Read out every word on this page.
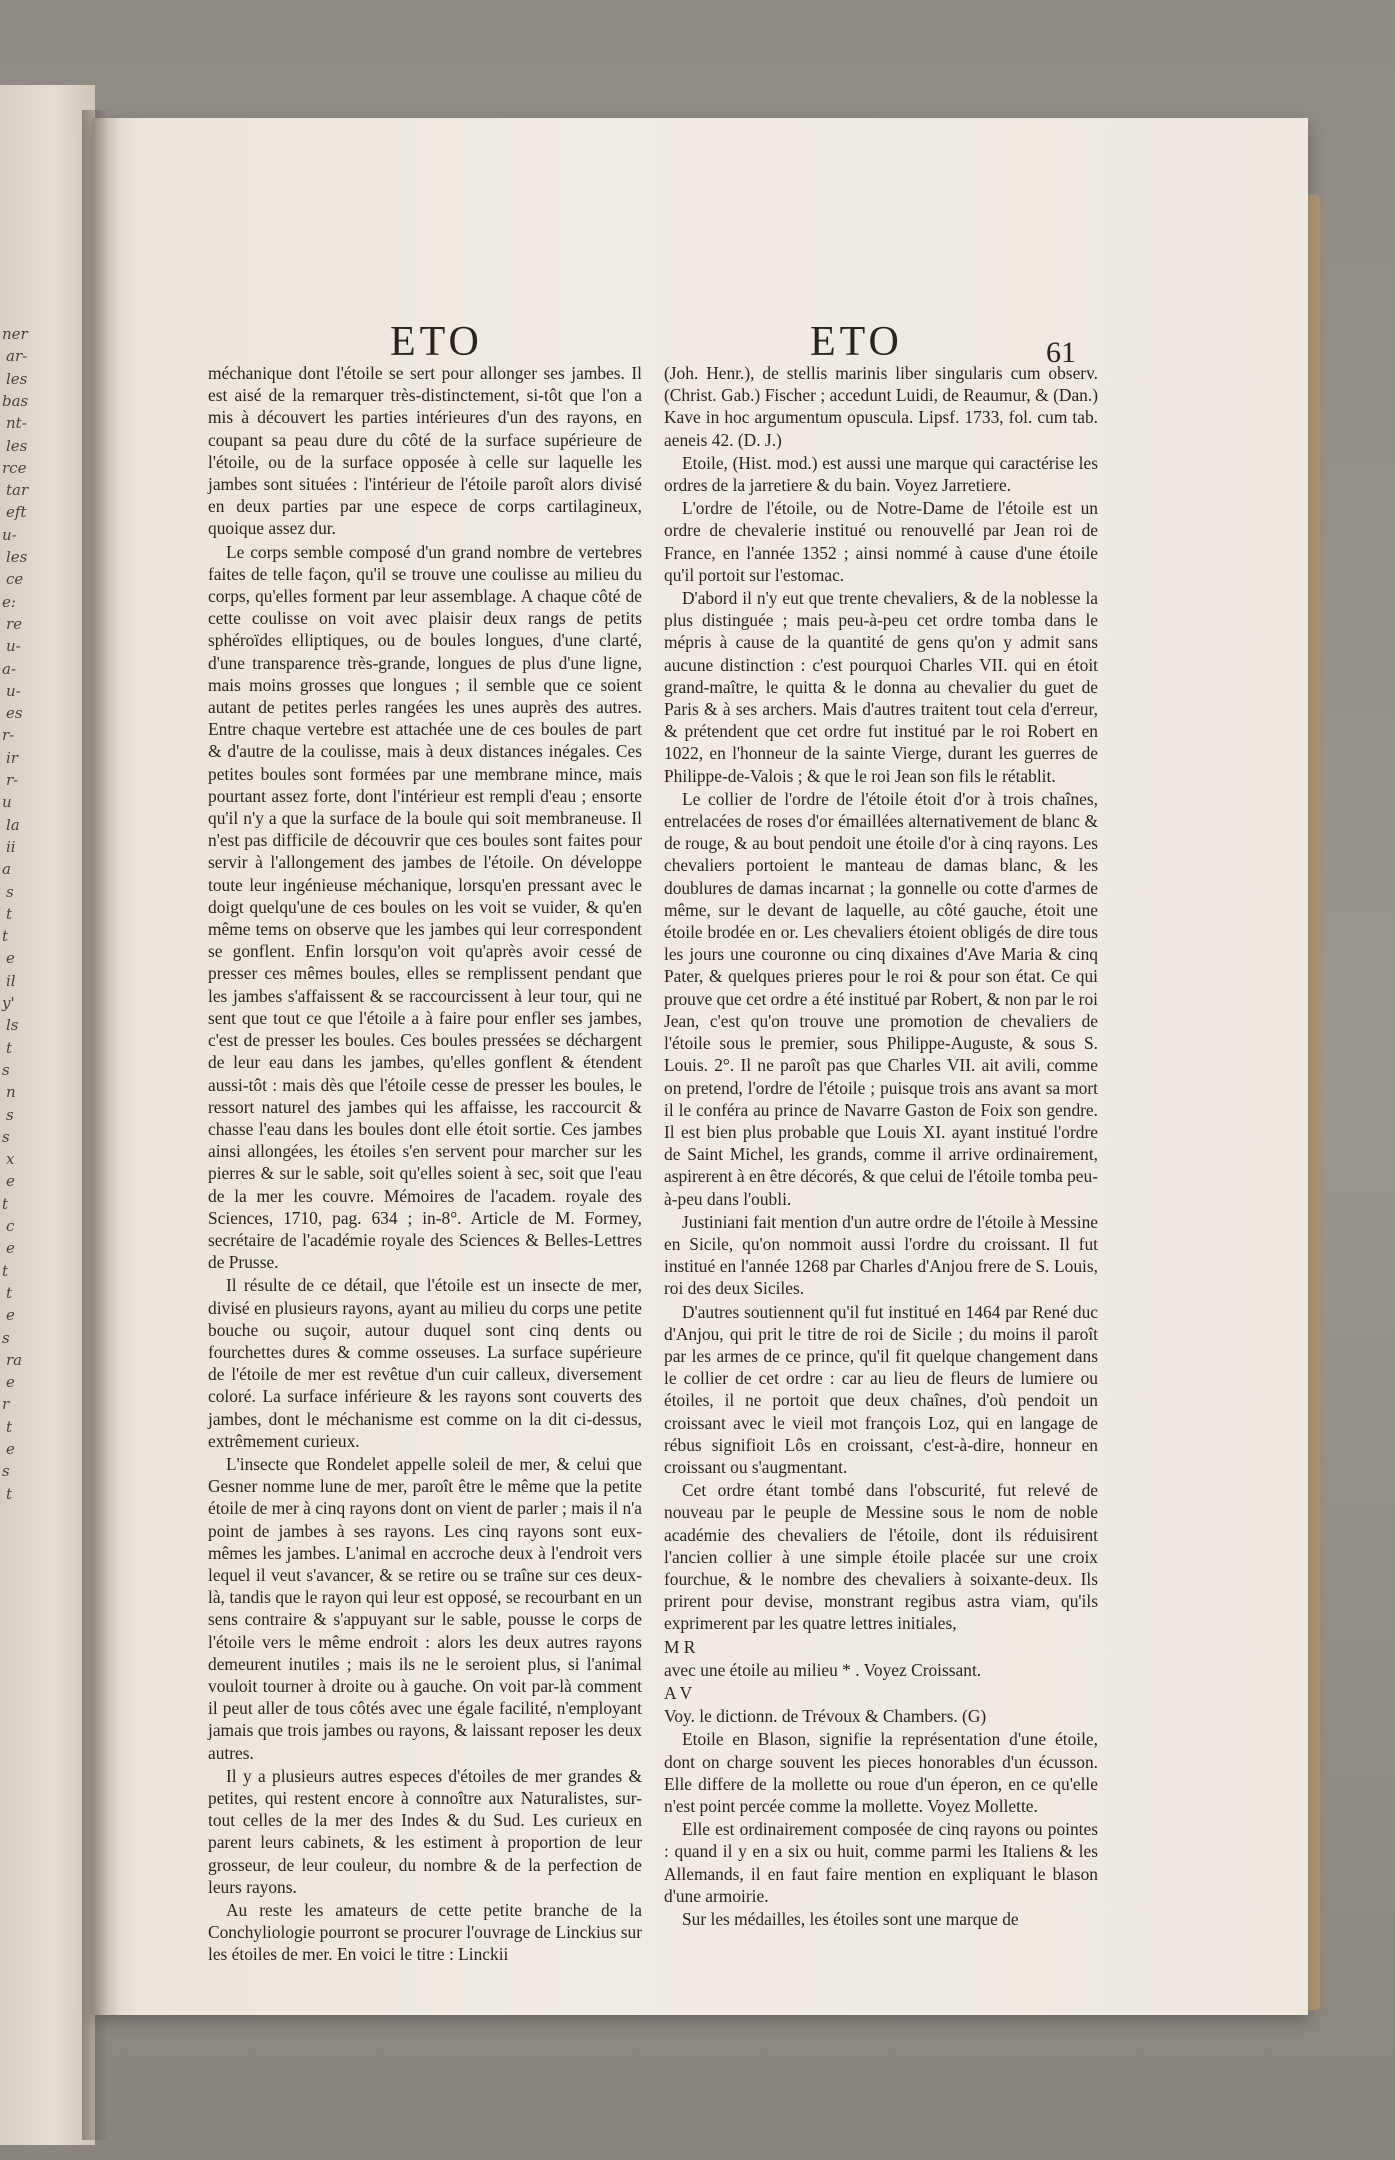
ner
ar-
les
bas
nt-
les
rce
tar
eft
u-
les
ce
e:
re
u-
a-
u-
es
r-
ir
r-
u
la
ii
a
s
t
t
e
il
y'
ls
t
s
n
s
s
x
e
t
c
e
t
t
e
s
ra
e
r
t
e
s
t
ETO	ETO	61

méchanique dont l'étoile se sert pour allonger ses jambes. Il est aisé de la remarquer très-distinctement, si-tôt que l'on a mis à découvert les parties intérieures d'un des rayons, en coupant sa peau dure du côté de la surface supérieure de l'étoile, ou de la surface opposée à celle sur laquelle les jambes sont situées : l'intérieur de l'étoile paroît alors divisé en deux parties par une espece de corps cartilagineux, quoique assez dur.

Le corps semble composé d'un grand nombre de vertebres faites de telle façon, qu'il se trouve une coulisse au milieu du corps, qu'elles forment par leur assemblage. A chaque côté de cette coulisse on voit avec plaisir deux rangs de petits sphéroïdes elliptiques, ou de boules longues, d'une clarté, d'une transparence très-grande, longues de plus d'une ligne, mais moins grosses que longues ; il semble que ce soient autant de petites perles rangées les unes auprès des autres. Entre chaque vertebre est attachée une de ces boules de part & d'autre de la coulisse, mais à deux distances inégales. Ces petites boules sont formées par une membrane mince, mais pourtant assez forte, dont l'intérieur est rempli d'eau ; ensorte qu'il n'y a que la surface de la boule qui soit membraneuse. Il n'est pas difficile de découvrir que ces boules sont faites pour servir à l'allongement des jambes de l'étoile. On développe toute leur ingénieuse méchanique, lorsqu'en pressant avec le doigt quelqu'une de ces boules on les voit se vuider, & qu'en même tems on observe que les jambes qui leur correspondent se gonflent. Enfin lorsqu'on voit qu'après avoir cessé de presser ces mêmes boules, elles se remplissent pendant que les jambes s'affaissent & se raccourcissent à leur tour, qui ne sent que tout ce que l'étoile a à faire pour enfler ses jambes, c'est de presser les boules. Ces boules pressées se déchargent de leur eau dans les jambes, qu'elles gonflent & étendent aussi-tôt : mais dès que l'étoile cesse de presser les boules, le ressort naturel des jambes qui les affaisse, les raccourcit & chasse l'eau dans les boules dont elle étoit sortie. Ces jambes ainsi allongées, les étoiles s'en servent pour marcher sur les pierres & sur le sable, soit qu'elles soient à sec, soit que l'eau de la mer les couvre. Mémoires de l'academ. royale des Sciences, 1710, pag. 634 ; in-8°. Article de M. Formey, secrétaire de l'académie royale des Sciences & Belles-Lettres de Prusse.

Il résulte de ce détail, que l'étoile est un insecte de mer, divisé en plusieurs rayons, ayant au milieu du corps une petite bouche ou suçoir, autour duquel sont cinq dents ou fourchettes dures & comme osseuses. La surface supérieure de l'étoile de mer est revêtue d'un cuir calleux, diversement coloré. La surface inférieure & les rayons sont couverts des jambes, dont le méchanisme est comme on la dit ci-dessus, extrêmement curieux.

L'insecte que Rondelet appelle soleil de mer, & celui que Gesner nomme lune de mer, paroît être le même que la petite étoile de mer à cinq rayons dont on vient de parler ; mais il n'a point de jambes à ses rayons. Les cinq rayons sont eux-mêmes les jambes. L'animal en accroche deux à l'endroit vers lequel il veut s'avancer, & se retire ou se traîne sur ces deux-là, tandis que le rayon qui leur est opposé, se recourbant en un sens contraire & s'appuyant sur le sable, pousse le corps de l'étoile vers le même endroit : alors les deux autres rayons demeurent inutiles ; mais ils ne le seroient plus, si l'animal vouloit tourner à droite ou à gauche. On voit par-là comment il peut aller de tous côtés avec une égale facilité, n'employant jamais que trois jambes ou rayons, & laissant reposer les deux autres.

Il y a plusieurs autres especes d'étoiles de mer grandes & petites, qui restent encore à connoître aux Naturalistes, sur-tout celles de la mer des Indes & du Sud. Les curieux en parent leurs cabinets, & les estiment à proportion de leur grosseur, de leur couleur, du nombre & de la perfection de leurs rayons.

Au reste les amateurs de cette petite branche de la Conchyliologie pourront se procurer l'ouvrage de Linckius sur les étoiles de mer. En voici le titre : Linckii

(Joh. Henr.), de stellis marinis liber singularis cum observ. (Christ. Gab.) Fischer ; accedunt Luidi, de Reaumur, & (Dan.) Kave in hoc argumentum opuscula. Lipsf. 1733, fol. cum tab. aeneis 42. (D. J.)

Etoile, (Hist. mod.) est aussi une marque qui caractérise les ordres de la jarretiere & du bain. Voyez Jarretiere.

L'ordre de l'étoile, ou de Notre-Dame de l'étoile est un ordre de chevalerie institué ou renouvellé par Jean roi de France, en l'année 1352 ; ainsi nommé à cause d'une étoile qu'il portoit sur l'estomac.

D'abord il n'y eut que trente chevaliers, & de la noblesse la plus distinguée ; mais peu-à-peu cet ordre tomba dans le mépris à cause de la quantité de gens qu'on y admit sans aucune distinction : c'est pourquoi Charles VII. qui en étoit grand-maître, le quitta & le donna au chevalier du guet de Paris & à ses archers. Mais d'autres traitent tout cela d'erreur, & prétendent que cet ordre fut institué par le roi Robert en 1022, en l'honneur de la sainte Vierge, durant les guerres de Philippe-de-Valois ; & que le roi Jean son fils le rétablit.

Le collier de l'ordre de l'étoile étoit d'or à trois chaînes, entrelacées de roses d'or émaillées alternativement de blanc & de rouge, & au bout pendoit une étoile d'or à cinq rayons. Les chevaliers portoient le manteau de damas blanc, & les doublures de damas incarnat ; la gonnelle ou cotte d'armes de même, sur le devant de laquelle, au côté gauche, étoit une étoile brodée en or. Les chevaliers étoient obligés de dire tous les jours une couronne ou cinq dixaines d'Ave Maria & cinq Pater, & quelques prieres pour le roi & pour son état. Ce qui prouve que cet ordre a été institué par Robert, & non par le roi Jean, c'est qu'on trouve une promotion de chevaliers de l'étoile sous le premier, sous Philippe-Auguste, & sous S. Louis. 2°. Il ne paroît pas que Charles VII. ait avili, comme on pretend, l'ordre de l'étoile ; puisque trois ans avant sa mort il le conféra au prince de Navarre Gaston de Foix son gendre. Il est bien plus probable que Louis XI. ayant institué l'ordre de Saint Michel, les grands, comme il arrive ordinairement, aspirerent à en être décorés, & que celui de l'étoile tomba peu-à-peu dans l'oubli.

Justiniani fait mention d'un autre ordre de l'étoile à Messine en Sicile, qu'on nommoit aussi l'ordre du croissant. Il fut institué en l'année 1268 par Charles d'Anjou frere de S. Louis, roi des deux Siciles.

D'autres soutiennent qu'il fut institué en 1464 par René duc d'Anjou, qui prit le titre de roi de Sicile ; du moins il paroît par les armes de ce prince, qu'il fit quelque changement dans le collier de cet ordre : car au lieu de fleurs de lumiere ou étoiles, il ne portoit que deux chaînes, d'où pendoit un croissant avec le vieil mot françois Loz, qui en langage de rébus signifioit Lôs en croissant, c'est-à-dire, honneur en croissant ou s'augmentant.

Cet ordre étant tombé dans l'obscurité, fut relevé de nouveau par le peuple de Messine sous le nom de noble académie des chevaliers de l'étoile, dont ils réduisirent l'ancien collier à une simple étoile placée sur une croix fourchue, & le nombre des chevaliers à soixante-deux. Ils prirent pour devise, monstrant regibus astra viam, qu'ils exprimerent par les quatre lettres initiales,

M R

avec une étoile au milieu * . Voyez Croissant.

A V

Voy. le dictionn. de Trévoux & Chambers. (G)

Etoile en Blason, signifie la représentation d'une étoile, dont on charge souvent les pieces honorables d'un écusson. Elle differe de la mollette ou roue d'un éperon, en ce qu'elle n'est point percée comme la mollette. Voyez Mollette.

Elle est ordinairement composée de cinq rayons ou pointes : quand il y en a six ou huit, comme parmi les Italiens & les Allemands, il en faut faire mention en expliquant le blason d'une armoirie.

Sur les médailles, les étoiles sont une marque de
